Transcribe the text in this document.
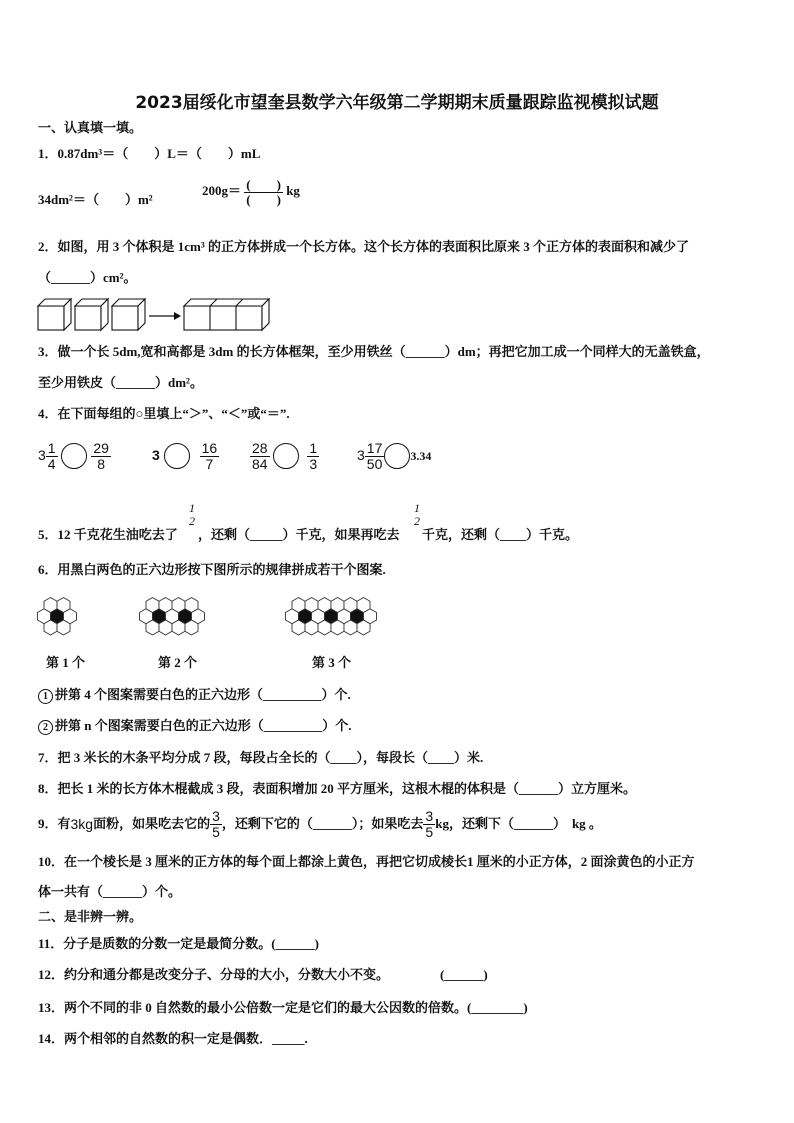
2023届绥化市望奎县数学六年级第二学期期末质量跟踪监视模拟试题
一、认真填一填。
1．0.87dm³＝（　　）L＝（　　）mL
34dm²＝（　　）m²
$200g= \frac{( )}{( )}$ kg
2．如图，用 3 个体积是 1cm³ 的正方体拼成一个长方体。这个长方体的表面积比原来 3 个正方体的表面积和减少了
（______）cm²。
3．做一个长 5dm,宽和高都是 3dm 的长方体框架，至少用铁丝（______）dm；再把它加工成一个同样大的无盖铁盒，
至少用铁皮（______）dm²。
4．在下面每组的○里填上“＞”、“＜”或“＝”.
$3 \frac{1}{4}$
$\frac{29}{8}$	3	$\frac{16}{7} \frac{28}{84}$
	$\frac{1}{3}$	$3 \frac{17}{50} 3.34$
5．12 千克花生油吃去了
1
2
，还剩（_____）千克，如果再吃去
1
2
千克，还剩（____）千克。
6．用黑白两色的正六边形按下图所示的规律拼成若干个图案.
第 1 个	第 2 个	第 3 个
1 拼第 4 个图案需要白色的正六边形（_________）个.
2 拼第 n 个图案需要白色的正六边形（_________）个.
7．把 3 米长的木条平均分成 7 段，每段占全长的（____），每段长（____）米.
8．把长 1 米的长方体木棍截成 3 段，表面积增加 20 平方厘米，这根木棍的体积是（______）立方厘米。
9．有 3kg 面粉，如果吃去它的 $\frac{3}{5}$ ，还剩下它的（______）；如果吃去 $\frac{3}{5}$ kg，还剩下（______） kg 。
10．在一个棱长是 3 厘米的正方体的每个面上都涂上黄色，再把它切成棱长1 厘米的小正方体，2 面涂黄色的小正方
体一共有（______）个。
二、是非辨一辨。
11．分子是质数的分数一定是最简分数。(______)
12．约分和通分都是改变分子、分母的大小，分数大小不变。	(______)
13．两个不同的非 0 自然数的最小公倍数一定是它们的最大公因数的倍数。(________)
14．两个相邻的自然数的积一定是偶数．_____.
